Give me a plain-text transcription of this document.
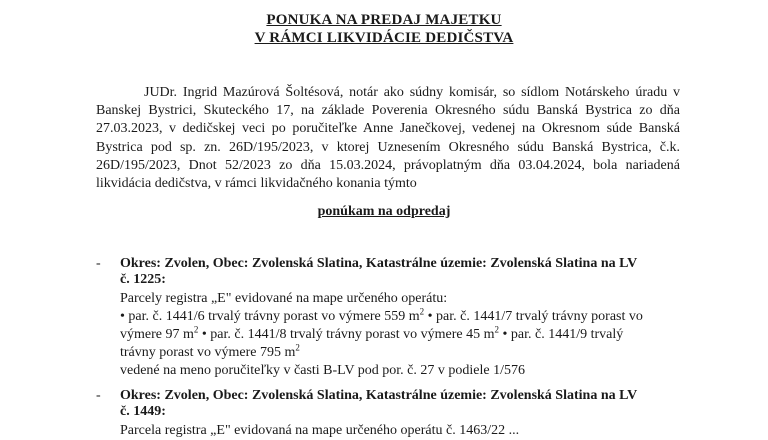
PONUKA NA PREDAJ MAJETKU
V RÁMCI LIKVIDÁCIE DEDIČSTVA

JUDr. Ingrid Mazúrová Šoltésová, notár ako súdny komisár, so sídlom Notárskeho úradu v Banskej Bystrici, Skuteckého 17, na základe Poverenia Okresného súdu Banská Bystrica zo dňa 27.03.2023, v dedičskej veci po poručiteľke Anne Janečkovej, vedenej na Okresnom súde Banská Bystrica pod sp. zn. 26D/195/2023, v ktorej Uznesením Okresného súdu Banská Bystrica, č.k. 26D/195/2023, Dnot 52/2023 zo dňa 15.03.2024, právoplatným dňa 03.04.2024, bola nariadená likvidácia dedičstva, v rámci likvidačného konania týmto

ponúkam na odpredaj
- Okres: Zvolen, Obec: Zvolenská Slatina, Katastrálne územie: Zvolenská Slatina na LV
č. 1225:

Parcely registra „E" evidované na mape určeného operátu:
• par. č. 1441/6 trvalý trávny porast vo výmere 559 $m^2$ • par. č. 1441/7 trvalý trávny porast vo
výmere 97 $m^2$ • par. č. 1441/8 trvalý trávny porast vo výmere 45 $m^2$ • par. č. 1441/9 trvalý
trávny porast vo výmere 795 $m^2$
vedené na meno poručiteľky v časti B-LV pod por. č. 27 v podiele 1/576

- Okres: Zvolen, Obec: Zvolenská Slatina, Katastrálne územie: Zvolenská Slatina na LV
č. 1449:

Parcela registra „E" evidovaná na mape určeného operátu č. 1463/22 ...
